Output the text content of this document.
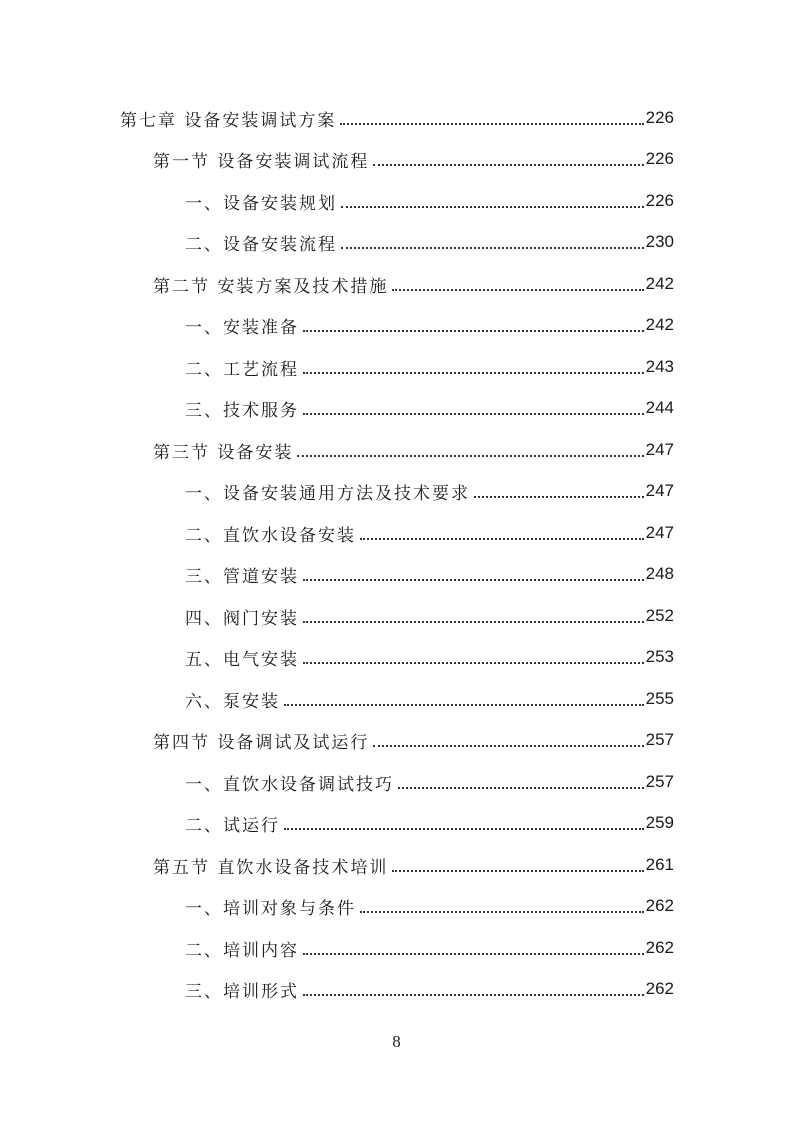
第七章 设备安装调试方案	226
第一节 设备安装调试流程	226
一、设备安装规划	226
二、设备安装流程	230
第二节 安装方案及技术措施	242
一、安装准备	242
二、工艺流程	243
三、技术服务	244
第三节 设备安装	247
一、设备安装通用方法及技术要求	247
二、直饮水设备安装	247
三、管道安装	248
四、阀门安装	252
五、电气安装	253
六、泵安装	255
第四节 设备调试及试运行	257
一、直饮水设备调试技巧	257
二、试运行	259
第五节 直饮水设备技术培训	261
一、培训对象与条件	262
二、培训内容	262
三、培训形式	262
8
